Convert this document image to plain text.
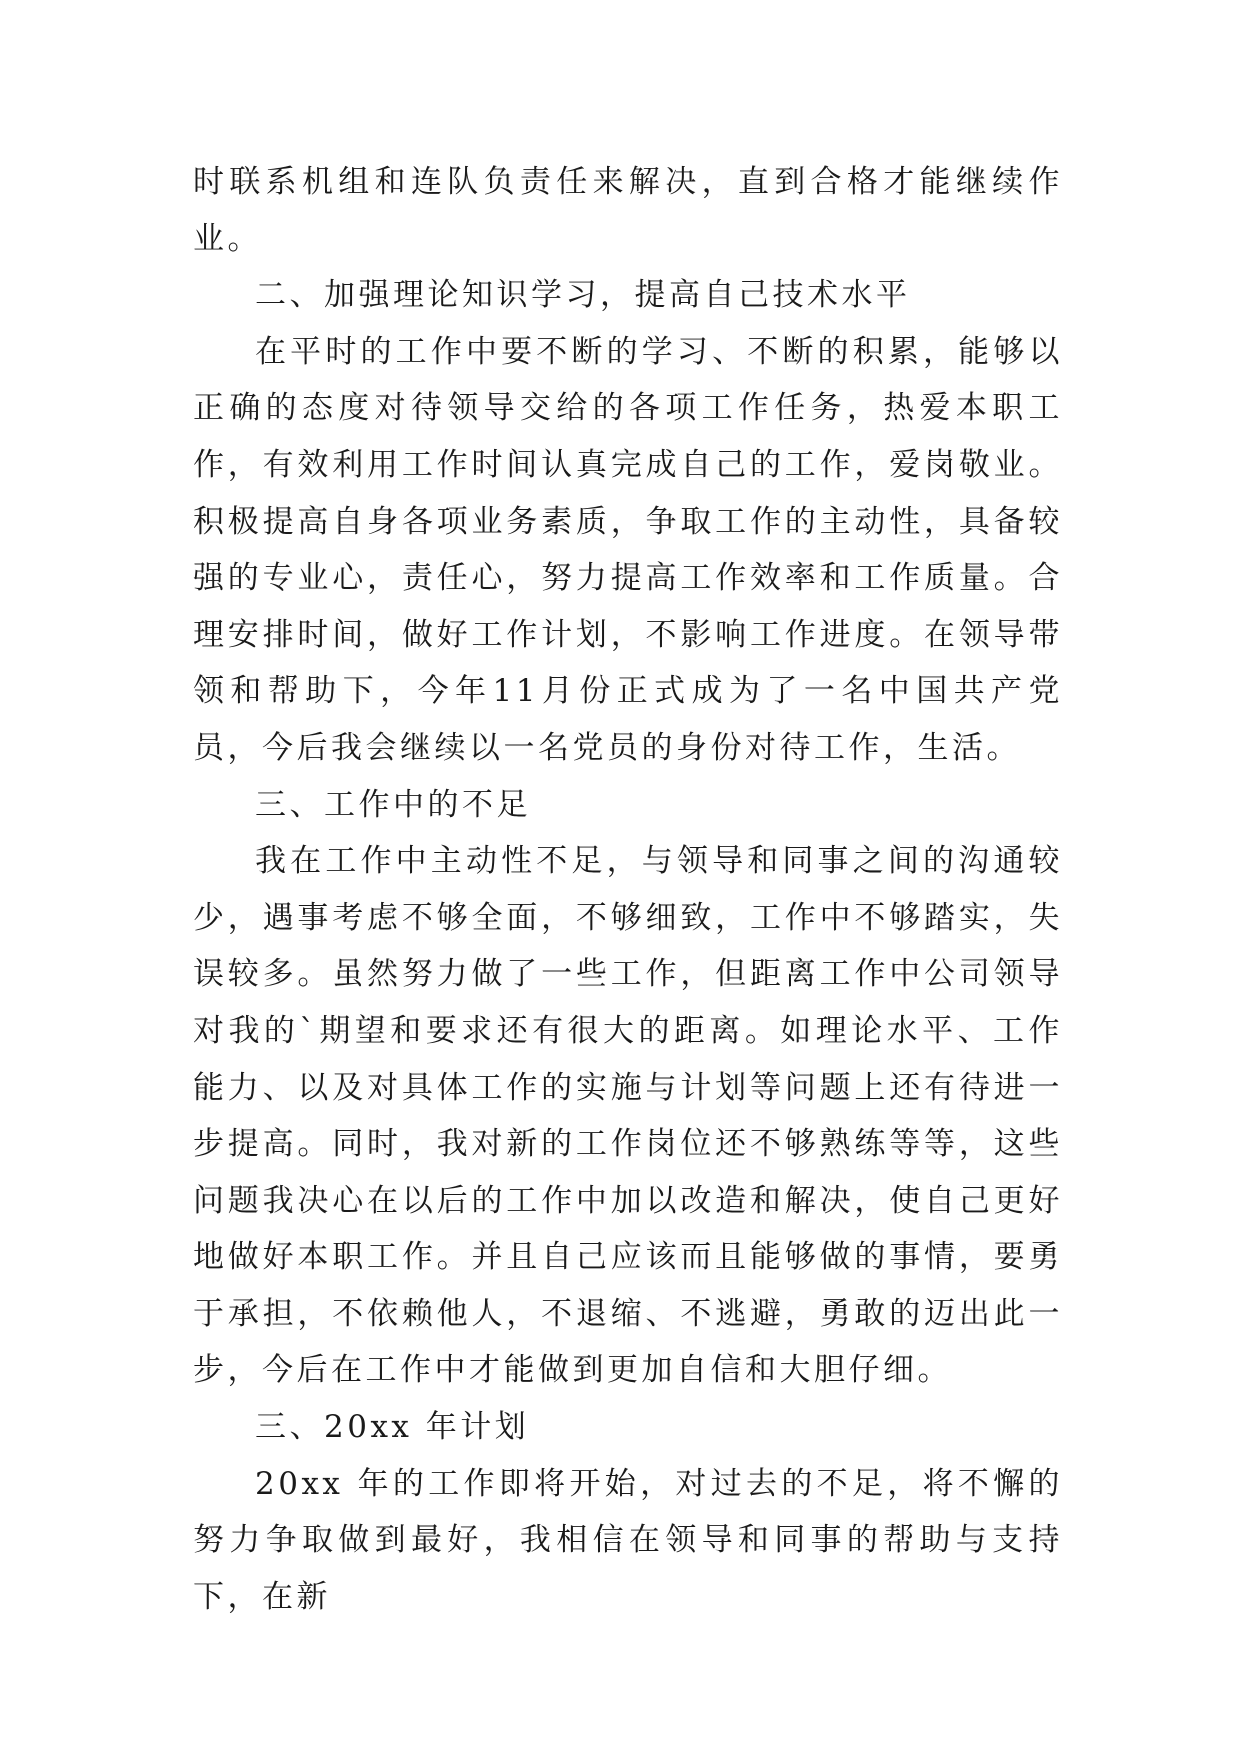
时联系机组和连队负责任来解决，直到合格才能继续作业。

二、加强理论知识学习，提高自己技术水平

在平时的工作中要不断的学习、不断的积累，能够以正确的态度对待领导交给的各项工作任务，热爱本职工作，有效利用工作时间认真完成自己的工作，爱岗敬业。积极提高自身各项业务素质，争取工作的主动性，具备较强的专业心，责任心，努力提高工作效率和工作质量。合理安排时间，做好工作计划，不影响工作进度。在领导带领和帮助下，今年11月份正式成为了一名中国共产党员，今后我会继续以一名党员的身份对待工作，生活。

三、工作中的不足

我在工作中主动性不足，与领导和同事之间的沟通较少，遇事考虑不够全面，不够细致，工作中不够踏实，失误较多。虽然努力做了一些工作，但距离工作中公司领导对我的`期望和要求还有很大的距离。如理论水平、工作能力、以及对具体工作的实施与计划等问题上还有待进一步提高。同时，我对新的工作岗位还不够熟练等等，这些问题我决心在以后的工作中加以改造和解决，使自己更好地做好本职工作。并且自己应该而且能够做的事情，要勇于承担，不依赖他人，不退缩、不逃避，勇敢的迈出此一步，今后在工作中才能做到更加自信和大胆仔细。

三、20xx 年计划

20xx 年的工作即将开始，对过去的不足，将不懈的努力争取做到最好，我相信在领导和同事的帮助与支持下，在新
